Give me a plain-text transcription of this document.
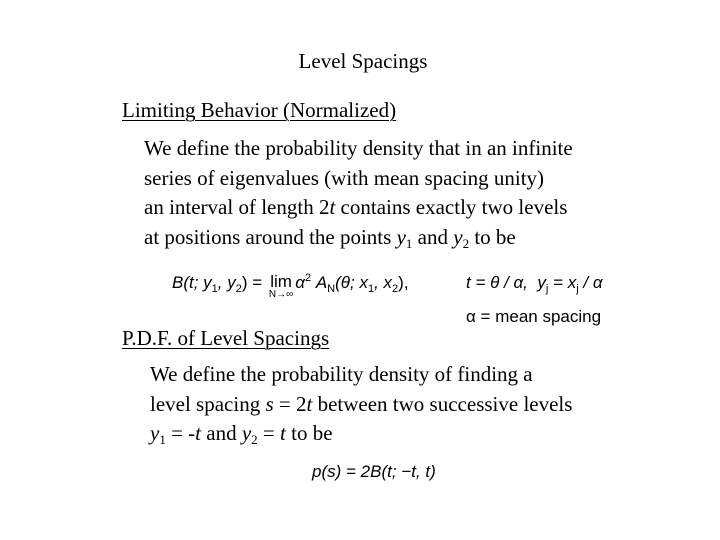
Level Spacings
Limiting Behavior (Normalized)
We define the probability density that in an infinite
series of eigenvalues (with mean spacing unity)
an interval of length 2t contains exactly two levels
at positions around the points $y_1$ and $y_2$ to be
B(t; $y_1$, $y_2) = \lim$
N→∞
$\alpha^2$ $A_N(\theta$; $x_1$, $x_2$),	t = θ / α, $y_j = x_j / \alpha$
α = mean spacing
P.D.F. of Level Spacings
We define the probability density of finding a
level spacing s = 2t between two successive levels
$y_1 = -t$ and $y_2 = t$ to be
p(s) = 2B(t; −t, t)
